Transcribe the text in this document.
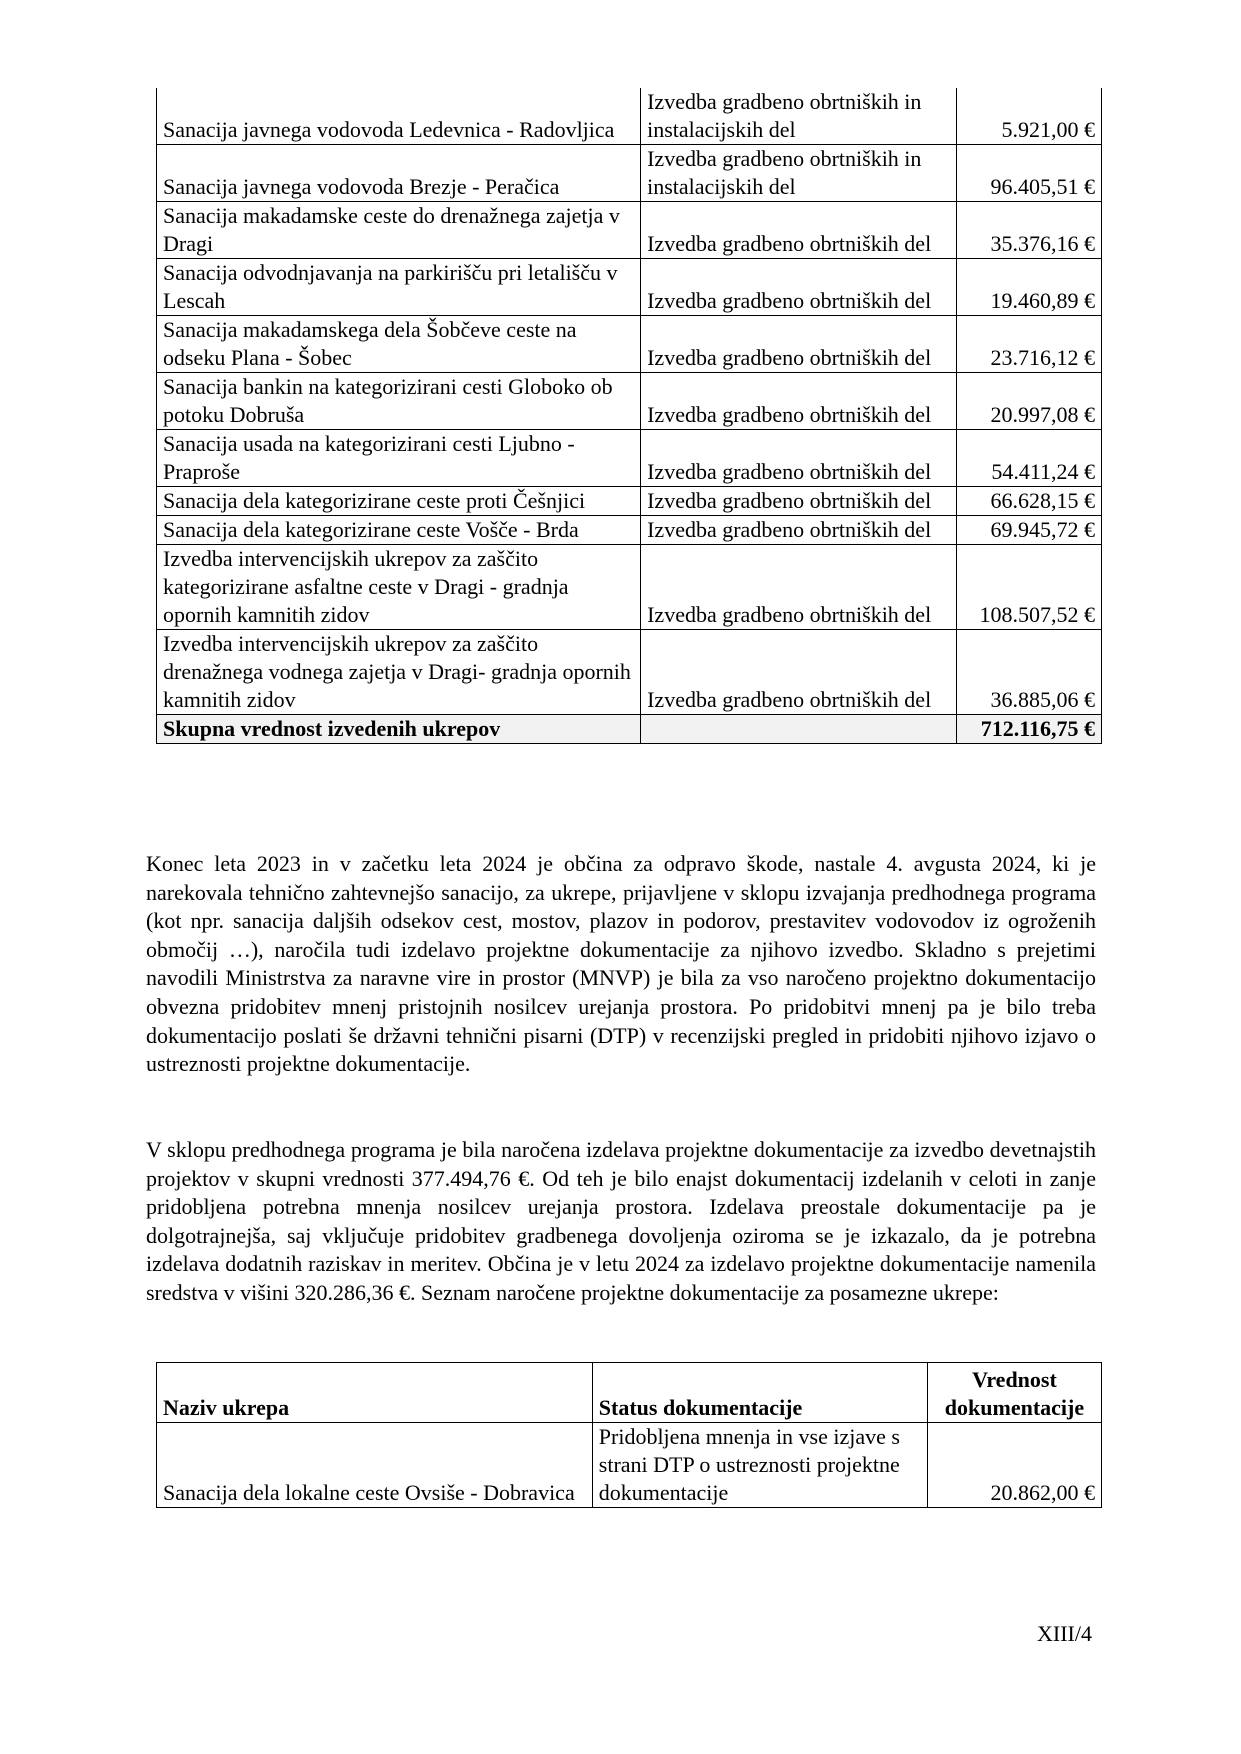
Sanacija javnega vodovoda Ledevnica - Radovljica	Izvedba gradbeno obrtniških in instalacijskih del	5.921,00 €
Sanacija javnega vodovoda Brezje - Peračica	Izvedba gradbeno obrtniških in instalacijskih del	96.405,51 €
Sanacija makadamske ceste do drenažnega zajetja v Dragi	Izvedba gradbeno obrtniških del	35.376,16 €
Sanacija odvodnjavanja na parkirišču pri letališču v Lescah	Izvedba gradbeno obrtniških del	19.460,89 €
Sanacija makadamskega dela Šobčeve ceste na odseku Plana - Šobec	Izvedba gradbeno obrtniških del	23.716,12 €
Sanacija bankin na kategorizirani cesti Globoko ob potoku Dobruša	Izvedba gradbeno obrtniških del	20.997,08 €
Sanacija usada na kategorizirani cesti Ljubno - Praproše	Izvedba gradbeno obrtniških del	54.411,24 €
Sanacija dela kategorizirane ceste proti Češnjici	Izvedba gradbeno obrtniških del	66.628,15 €
Sanacija dela kategorizirane ceste Voščе - Brda	Izvedba gradbeno obrtniških del	69.945,72 €
Izvedba intervencijskih ukrepov za zaščito kategorizirane asfaltne ceste v Dragi - gradnja opornih kamnitih zidov	Izvedba gradbeno obrtniških del	108.507,52 €
Izvedba intervencijskih ukrepov za zaščito drenažnega vodnega zajetja v Dragi- gradnja opornih kamnitih zidov	Izvedba gradbeno obrtniških del	36.885,06 €
Skupna vrednost izvedenih ukrepov		712.116,75 €

Konec leta 2023 in v začetku leta 2024 je občina za odpravo škode, nastale 4. avgusta 2024, ki je narekovala tehnično zahtevnejšo sanacijo, za ukrepe, prijavljene v sklopu izvajanja predhodnega programa (kot npr. sanacija daljših odsekov cest, mostov, plazov in podorov, prestavitev vodovodov iz ogroženih območij …), naročila tudi izdelavo projektne dokumentacije za njihovo izvedbo. Skladno s prejetimi navodili Ministrstva za naravne vire in prostor (MNVP) je bila za vso naročeno projektno dokumentacijo obvezna pridobitev mnenj pristojnih nosilcev urejanja prostora. Po pridobitvi mnenj pa je bilo treba dokumentacijo poslati še državni tehnični pisarni (DTP) v recenzijski pregled in pridobiti njihovo izjavo o ustreznosti projektne dokumentacije.

V sklopu predhodnega programa je bila naročena izdelava projektne dokumentacije za izvedbo devetnajstih projektov v skupni vrednosti 377.494,76 €. Od teh je bilo enajst dokumentacij izdelanih v celoti in zanje pridobljena potrebna mnenja nosilcev urejanja prostora. Izdelava preostale dokumentacije pa je dolgotrajnejša, saj vključuje pridobitev gradbenega dovoljenja oziroma se je izkazalo, da je potrebna izdelava dodatnih raziskav in meritev. Občina je v letu 2024 za izdelavo projektne dokumentacije namenila sredstva v višini 320.286,36 €. Seznam naročene projektne dokumentacije za posamezne ukrepe:

Naziv ukrepa	Status dokumentacije	Vrednost dokumentacije
Sanacija dela lokalne ceste Ovsiše - Dobravica	Pridobljena mnenja in vse izjave s strani DTP o ustreznosti projektne dokumentacije	20.862,00 €
XIII/4
